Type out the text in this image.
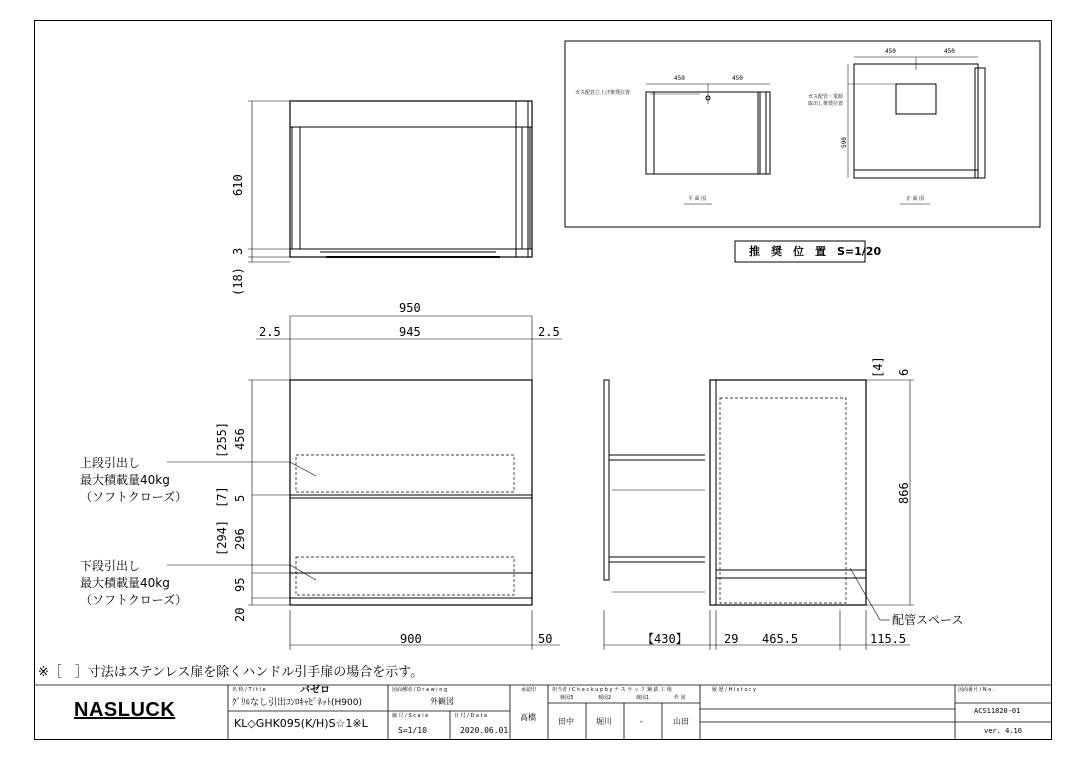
610
3
(18)
950
945
2.5	2.5
[255] 456
[7] 5
[294] 296
95
20
上段引出し
最大積載量40kg
（ソフトクローズ）
下段引出し
最大積載量40kg
（ソフトクローズ）
900	50	【430】	29 465.5	115.5
[4] 6
866
配管スペース
450	450
450	450
590
ガス配管立上げ推奨位置
ガス配管・電源
取出し推奨位置
平 面 図	正 面 図
推　奨　位　置　S=1/20
※［　］寸法はステンレス扉を除くハンドル引手扉の場合を示す。
NASLUCK
名 称 / T i t l e	バゼロ
ｸﾞﾘﾙなし引出ｺﾝﾛｷｬﾋﾞﾈｯﾄ(H900)
KL◇GHK095(K/H)S☆1※L
図面種別 / D r a w i n g
外観図
縮 尺 / S c a l e
S=1/10
日 付 / D a t e
2020.06.01
承認印
高橋
担当者 / C h e c k u p b y ナ ス ラ ッ ク 鋼 鉄 工 場
検図3	検図2	検図1	作 図
田中	堀川	-	山田
履 歴 / H i s t o r y	図面番号 / N o .
ACS11820-01
ver. 4.10
